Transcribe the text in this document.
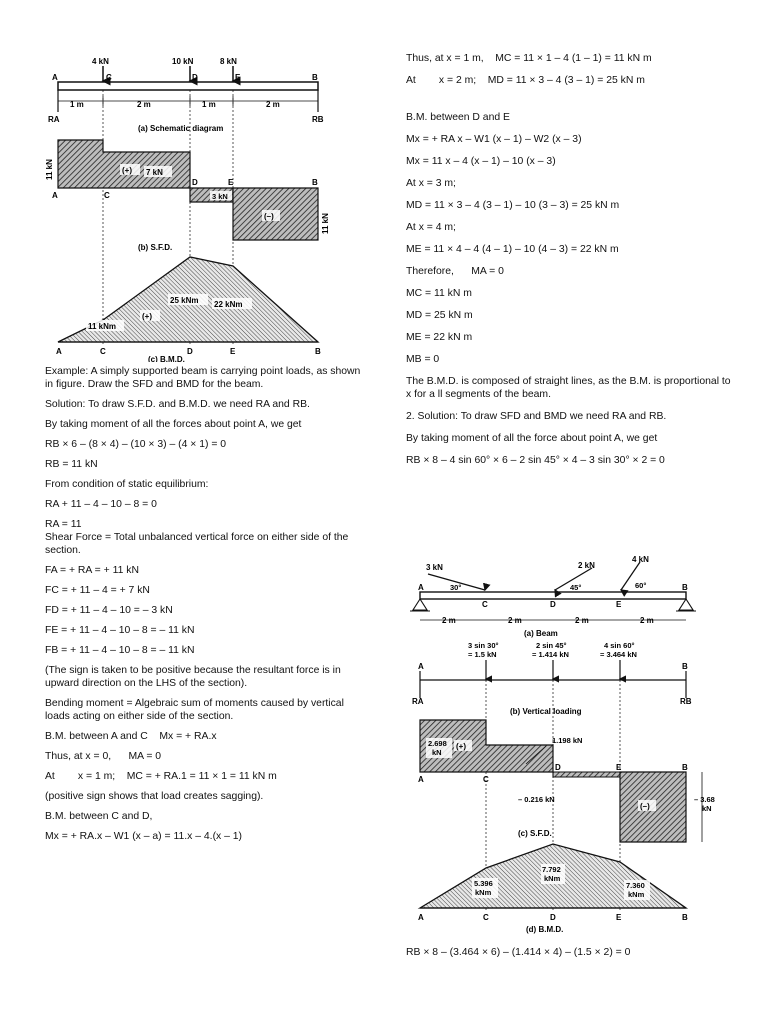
4 kN	10 kN	8 kN
A	C	D	E	B
1 m	2 m	1 m	2 m
RA	RB
(a) Schematic diagram
(+) 7 kN
3 kN
(–)
11 kN
11 kN
A	C
D	E	B
(b) S.F.D.
25 kNm 22 kNm
11 kNm
(+)
A	C	D	E	B
(c) B.M.D.

Example: A simply supported beam is carrying point loads, as shown in figure. Draw the SFD and BMD for the beam.

Solution: To draw S.F.D. and B.M.D. we need RA and RB.

By taking moment of all the forces about point A, we get

RB × 6 – (8 × 4) – (10 × 3) – (4 × 1) = 0

RB = 11 kN

From condition of static equilibrium:

RA + 11 – 4 – 10 – 8 = 0

RA = 11

Shear Force = Total unbalanced vertical force on either side of the section.

FA = + RA = + 11 kN

FC = + 11 – 4 = + 7 kN

FD = + 11 – 4 – 10 = – 3 kN

FE = + 11 – 4 – 10 – 8 = – 11 kN

FB = + 11 – 4 – 10 – 8 = – 11 kN

(The sign is taken to be positive because the resultant force is in upward direction on the LHS of the section).

Bending moment = Algebraic sum of moments caused by vertical loads acting on either side of the section.

B.M. between A and C    Mx = + RA.x

Thus, at x = 0,      MA = 0

At        x = 1 m;    MC = + RA.1 = 11 × 1 = 11 kN m

(positive sign shows that load creates sagging).

B.M. between C and D,

Mx = + RA.x – W1 (x – a) = 11.x – 4.(x – 1)

Thus, at x = 1 m,    MC = 11 × 1 – 4 (1 – 1) = 11 kN m

At        x = 2 m;    MD = 11 × 3 – 4 (3 – 1) = 25 kN m

B.M. between D and E

Mx = + RA x – W1 (x – 1) – W2 (x – 3)

Mx = 11 x – 4 (x – 1) – 10 (x – 3)

At x = 3 m;

MD = 11 × 3 – 4 (3 – 1) – 10 (3 – 3) = 25 kN m

At x = 4 m;

ME = 11 × 4 – 4 (4 – 1) – 10 (4 – 3) = 22 kN m

Therefore,      MA = 0

MC = 11 kN m

MD = 25 kN m

ME = 22 kN m

MB = 0

The B.M.D. is composed of straight lines, as the B.M. is proportional to x for a ll segments of the beam.

2. Solution: To draw SFD and BMD we need RA and RB.

By taking moment of all the force about point A, we get

RB × 8 – 4 sin 60° × 6 – 2 sin 45° × 4 – 3 sin 30° × 2 = 0

3 kN	2 kN
4 kN
30°	45°	60°
A
C	D	E
B
2 m	2 m	2 m	2 m
(a) Beam
3 sin 30°
= 1.5 kN
2 sin 45°
= 1.414 kN
4 sin 60°
= 3.464 kN
A	B
RA	RB
(b) Vertical loading
2.698
kN
(+)
1.198 kN
D	E	B
A	C
– 0.216 kN
(–)
– 3.68
kN
(c) S.F.D.
7.792
kNm
5.396
kNm
7.360
kNm
A	C	D	E	B
(d) B.M.D.

RB × 8 – (3.464 × 6) – (1.414 × 4) – (1.5 × 2) = 0
